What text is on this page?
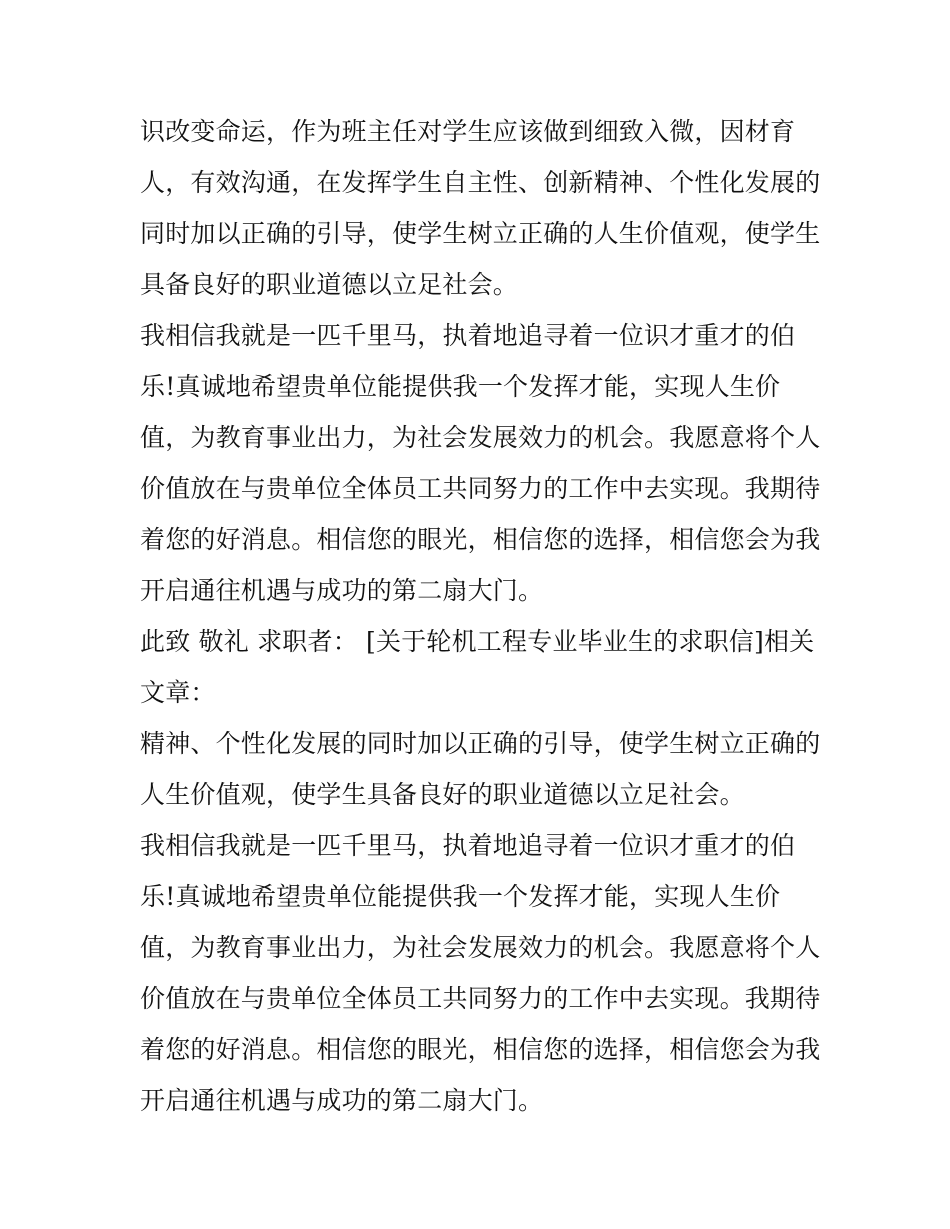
识改变命运，作为班主任对学生应该做到细致入微，因材育
人，有效沟通，在发挥学生自主性、创新精神、个性化发展的
同时加以正确的引导，使学生树立正确的人生价值观，使学生
具备良好的职业道德以立足社会。
我相信我就是一匹千里马，执着地追寻着一位识才重才的伯
乐!真诚地希望贵单位能提供我一个发挥才能，实现人生价
值，为教育事业出力，为社会发展效力的机会。我愿意将个人
价值放在与贵单位全体员工共同努力的工作中去实现。我期待
着您的好消息。相信您的眼光，相信您的选择，相信您会为我
开启通往机遇与成功的第二扇大门。
此致 敬礼 求职者： [关于轮机工程专业毕业生的求职信]相关
文章：
精神、个性化发展的同时加以正确的引导，使学生树立正确的
人生价值观，使学生具备良好的职业道德以立足社会。
我相信我就是一匹千里马，执着地追寻着一位识才重才的伯
乐!真诚地希望贵单位能提供我一个发挥才能，实现人生价
值，为教育事业出力，为社会发展效力的机会。我愿意将个人
价值放在与贵单位全体员工共同努力的工作中去实现。我期待
着您的好消息。相信您的眼光，相信您的选择，相信您会为我
开启通往机遇与成功的第二扇大门。
